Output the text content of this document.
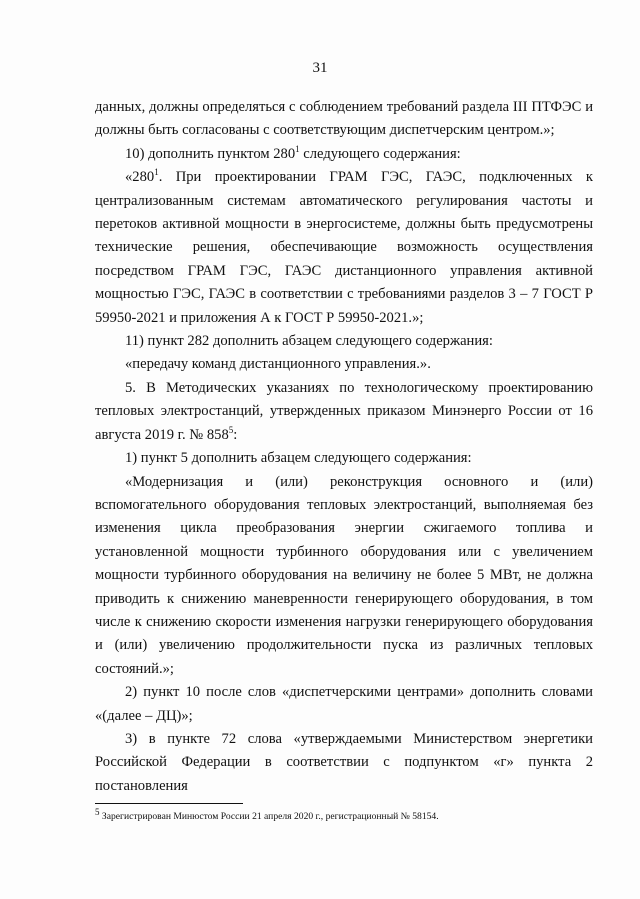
31

данных, должны определяться с соблюдением требований раздела III ПТФЭС и должны быть согласованы с соответствующим диспетчерским центром.»;

10) дополнить пунктом $280^1$ следующего содержания:

«$280^1$. При проектировании ГРАМ ГЭС, ГАЭС, подключенных к централизованным системам автоматического регулирования частоты и перетоков активной мощности в энергосистеме, должны быть предусмотрены технические решения, обеспечивающие возможность осуществления посредством ГРАМ ГЭС, ГАЭС дистанционного управления активной мощностью ГЭС, ГАЭС в соответствии с требованиями разделов 3 – 7 ГОСТ Р 59950-2021 и приложения А к ГОСТ Р 59950-2021.»;

11) пункт 282 дополнить абзацем следующего содержания:

«передачу команд дистанционного управления.».

5. В Методических указаниях по технологическому проектированию тепловых электростанций, утвержденных приказом Минэнерго России от 16 августа 2019 г. № $858^5$:

1) пункт 5 дополнить абзацем следующего содержания:

«Модернизация и (или) реконструкция основного и (или) вспомогательного оборудования тепловых электростанций, выполняемая без изменения цикла преобразования энергии сжигаемого топлива и установленной мощности турбинного оборудования или с увеличением мощности турбинного оборудования на величину не более 5 МВт, не должна приводить к снижению маневренности генерирующего оборудования, в том числе к снижению скорости изменения нагрузки генерирующего оборудования и (или) увеличению продолжительности пуска из различных тепловых состояний.»;

2) пункт 10 после слов «диспетчерскими центрами» дополнить словами «(далее – ДЦ)»;

3) в пункте 72 слова «утверждаемыми Министерством энергетики Российской Федерации в соответствии с подпунктом «г» пункта 2 постановления

$^5$ Зарегистрирован Минюстом России 21 апреля 2020 г., регистрационный № 58154.
